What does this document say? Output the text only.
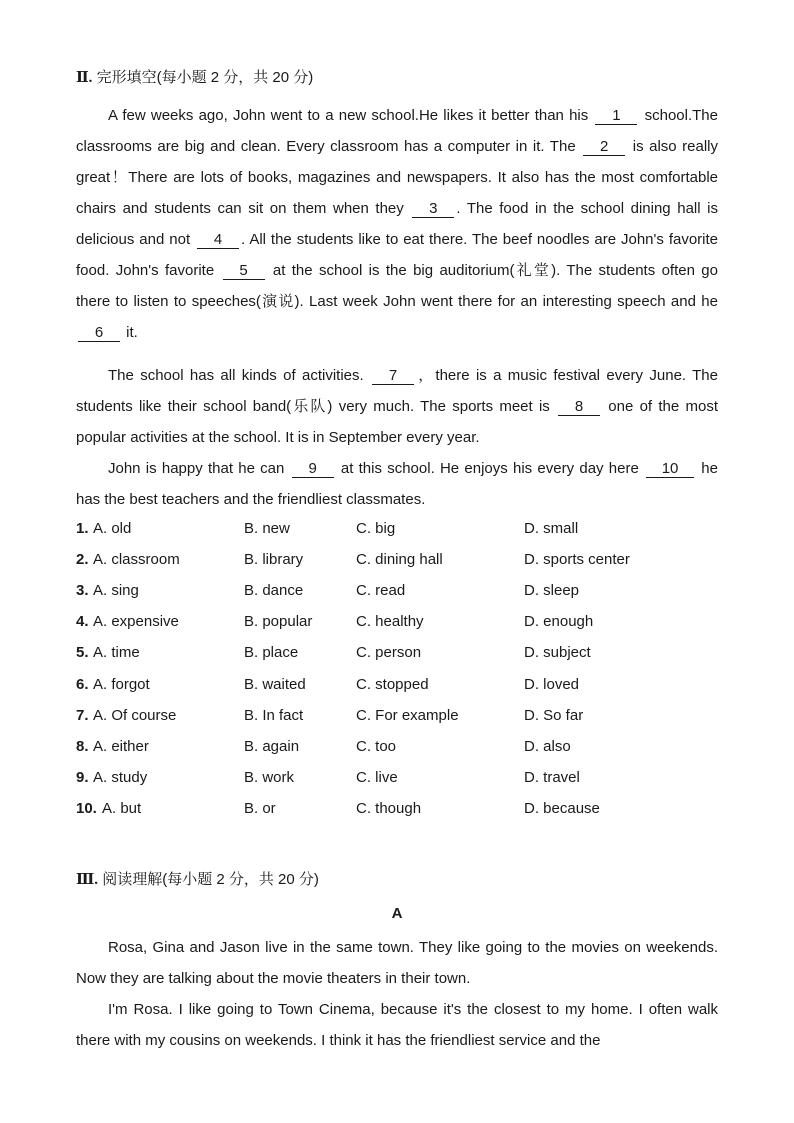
Ⅱ. 完形填空(每小题 2 分，共 20 分)
A few weeks ago, John went to a new school.He likes it better than his 1 school.The classrooms are big and clean. Every classroom has a computer in it. The 2 is also really great！There are lots of books, magazines and newspapers. It also has the most comfortable chairs and students can sit on them when they 3 . The food in the school dining hall is delicious and not 4 . All the students like to eat there. The beef noodles are John's favorite food. John's favorite 5 at the school is the big auditorium(礼堂). The students often go there to listen to speeches(演说). Last week John went there for an interesting speech and he 6 it.
The school has all kinds of activities. 7 ，there is a music festival every June. The students like their school band(乐队) very much. The sports meet is 8 one of the most popular activities at the school. It is in September every year.
John is happy that he can 9 at this school. He enjoys his every day here 10 he has the best teachers and the friendliest classmates.
1. A. old	B. new	C. big	D. small
2. A. classroom	B. library	C. dining hall	D. sports center
3. A. sing	B. dance	C. read	D. sleep
4. A. expensive	B. popular	C. healthy	D. enough
5. A. time	B. place	C. person	D. subject
6. A. forgot	B. waited	C. stopped	D. loved
7. A. Of course	B. In fact	C. For example	D. So far
8. A. either	B. again	C. too	D. also
9. A. study	B. work	C. live	D. travel
10. A. but	B. or	C. though	D. because
Ⅲ. 阅读理解(每小题 2 分，共 20 分)
A
Rosa, Gina and Jason live in the same town. They like going to the movies on weekends. Now they are talking about the movie theaters in their town.
I'm Rosa. I like going to Town Cinema, because it's the closest to my home. I often walk there with my cousins on weekends. I think it has the friendliest service and the
